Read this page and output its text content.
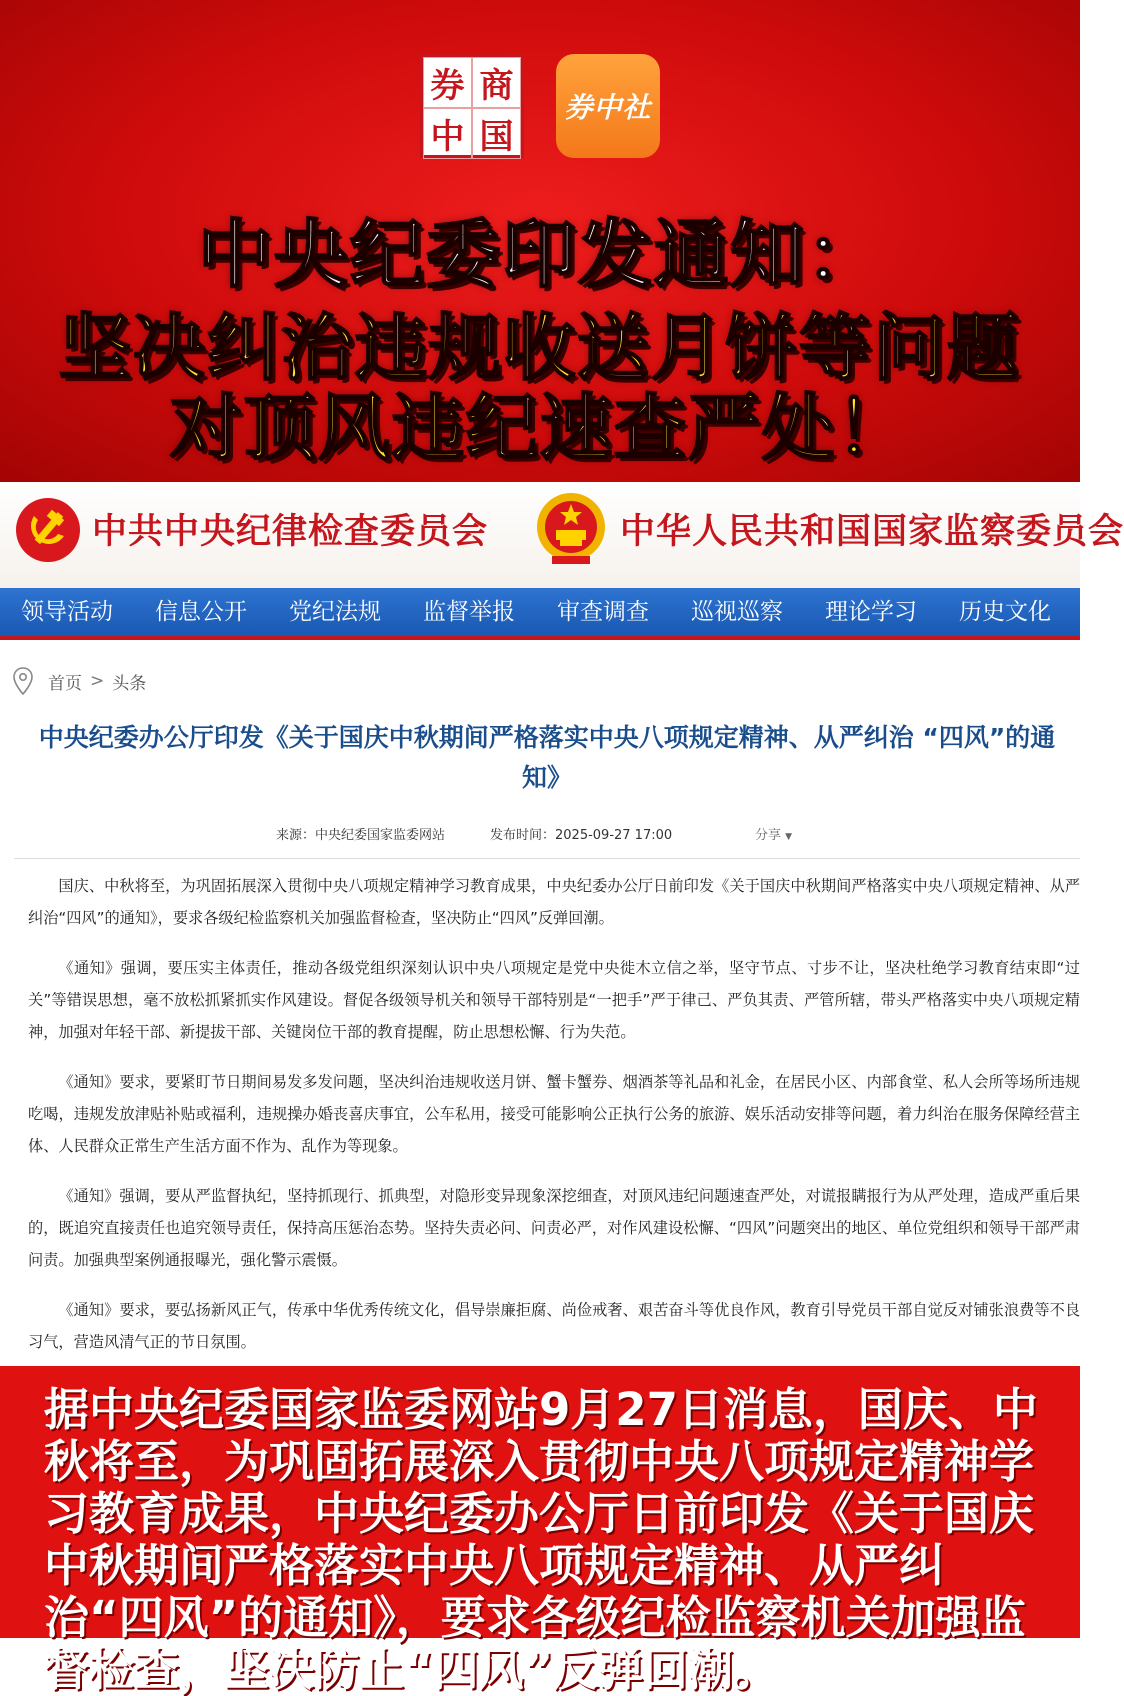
券 商
中 国
券中社
中央纪委印发通知：
坚决纠治违规收送月饼等问题
对顶风违纪速查严处！
中共中央纪律检查委员会	中华人民共和国国家监察委员会
领导活动	信息公开	党纪法规	监督举报	审查调查	巡视巡察	理论学习	历史文化
首页 > 头条
中央纪委办公厅印发《关于国庆中秋期间严格落实中央八项规定精神、从严纠治 “四风”的通
知》
来源：中央纪委国家监委网站	发布时间：2025-09-27 17:00	分享 ▼

国庆、中秋将至，为巩固拓展深入贯彻中央八项规定精神学习教育成果，中央纪委办公厅日前印发《关于国庆中秋期间严格落实中央八项规定精神、从严纠治“四风”的通知》，要求各级纪检监察机关加强监督检查，坚决防止“四风”反弹回潮。

《通知》强调，要压实主体责任，推动各级党组织深刻认识中央八项规定是党中央徙木立信之举，坚守节点、寸步不让，坚决杜绝学习教育结束即“过关”等错误思想，毫不放松抓紧抓实作风建设。督促各级领导机关和领导干部特别是“一把手”严于律己、严负其责、严管所辖，带头严格落实中央八项规定精神，加强对年轻干部、新提拔干部、关键岗位干部的教育提醒，防止思想松懈、行为失范。

《通知》要求，要紧盯节日期间易发多发问题，坚决纠治违规收送月饼、蟹卡蟹券、烟酒茶等礼品和礼金，在居民小区、内部食堂、私人会所等场所违规吃喝，违规发放津贴补贴或福利，违规操办婚丧喜庆事宜，公车私用，接受可能影响公正执行公务的旅游、娱乐活动安排等问题，着力纠治在服务保障经营主体、人民群众正常生产生活方面不作为、乱作为等现象。

《通知》强调，要从严监督执纪，坚持抓现行、抓典型，对隐形变异现象深挖细查，对顶风违纪问题速查严处，对谎报瞒报行为从严处理，造成严重后果的，既追究直接责任也追究领导责任，保持高压惩治态势。坚持失责必问、问责必严，对作风建设松懈、“四风”问题突出的地区、单位党组织和领导干部严肃问责。加强典型案例通报曝光，强化警示震慑。

《通知》要求，要弘扬新风正气，传承中华优秀传统文化，倡导崇廉拒腐、尚俭戒奢、艰苦奋斗等优良作风，教育引导党员干部自觉反对铺张浪费等不良习气，营造风清气正的节日氛围。

据中央纪委国家监委网站9月27日消息，国庆、中秋将至，为巩固拓展深入贯彻中央八项规定精神学习教育成果，中央纪委办公厅日前印发《关于国庆中秋期间严格落实中央八项规定精神、从严纠治“四风”的通知》，要求各级纪检监察机关加强监督检查，坚决防止“四风”反弹回潮。
